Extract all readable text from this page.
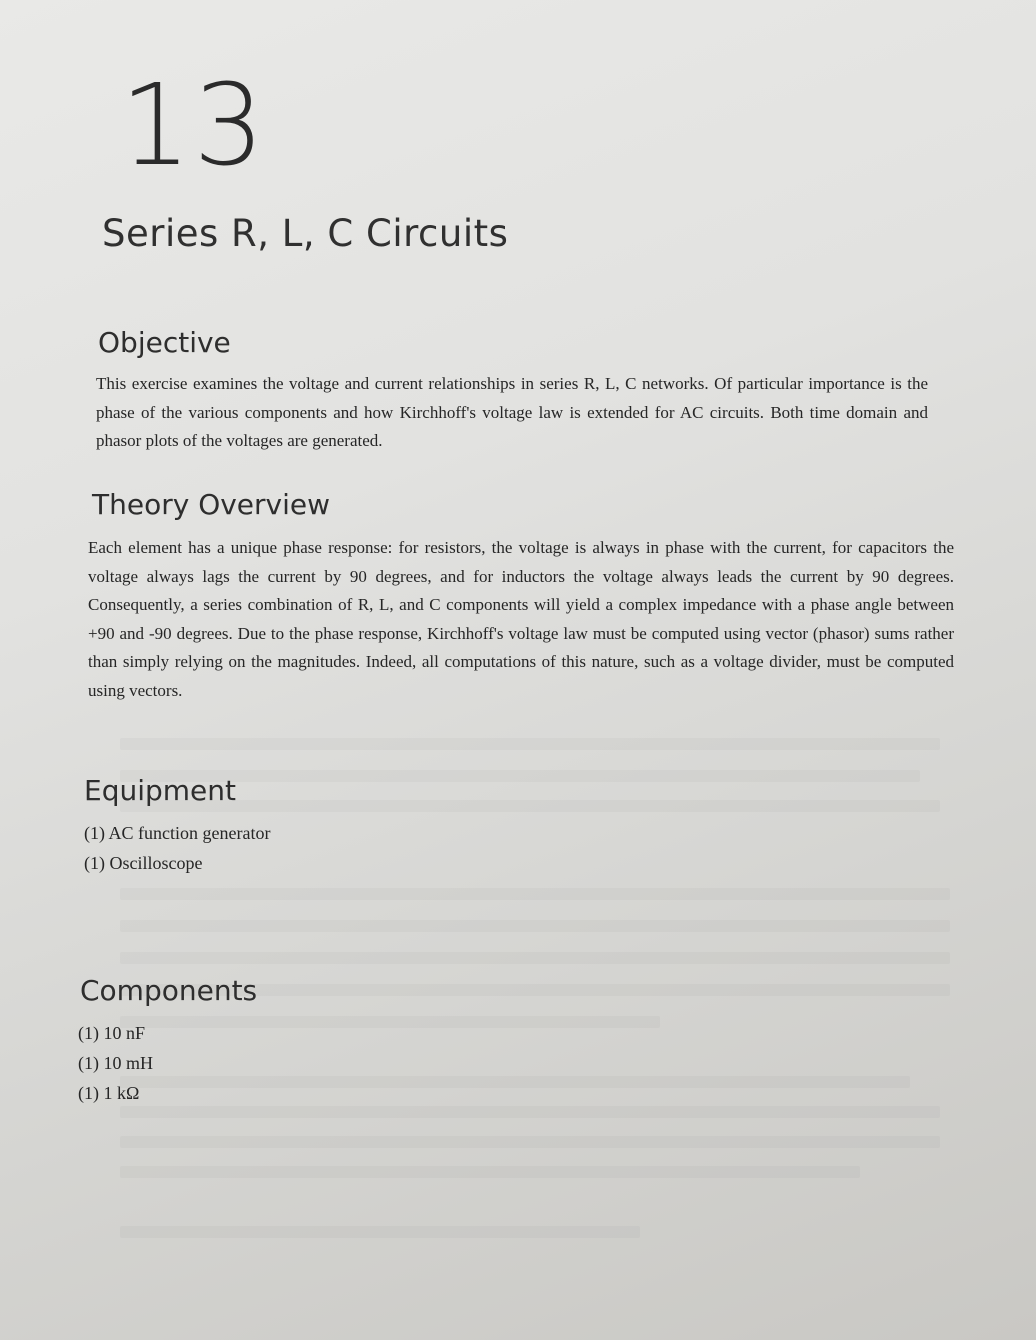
13
Series R, L, C Circuits
Objective
This exercise examines the voltage and current relationships in series R, L, C networks. Of particular importance is the phase of the various components and how Kirchhoff's voltage law is extended for AC circuits. Both time domain and phasor plots of the voltages are generated.
Theory Overview
Each element has a unique phase response: for resistors, the voltage is always in phase with the current, for capacitors the voltage always lags the current by 90 degrees, and for inductors the voltage always leads the current by 90 degrees. Consequently, a series combination of R, L, and C components will yield a complex impedance with a phase angle between +90 and -90 degrees. Due to the phase response, Kirchhoff's voltage law must be computed using vector (phasor) sums rather than simply relying on the magnitudes. Indeed, all computations of this nature, such as a voltage divider, must be computed using vectors.
Equipment
(1) AC function generator
(1) Oscilloscope
Components
(1) 10 nF
(1) 10 mH
(1) 1 kΩ
